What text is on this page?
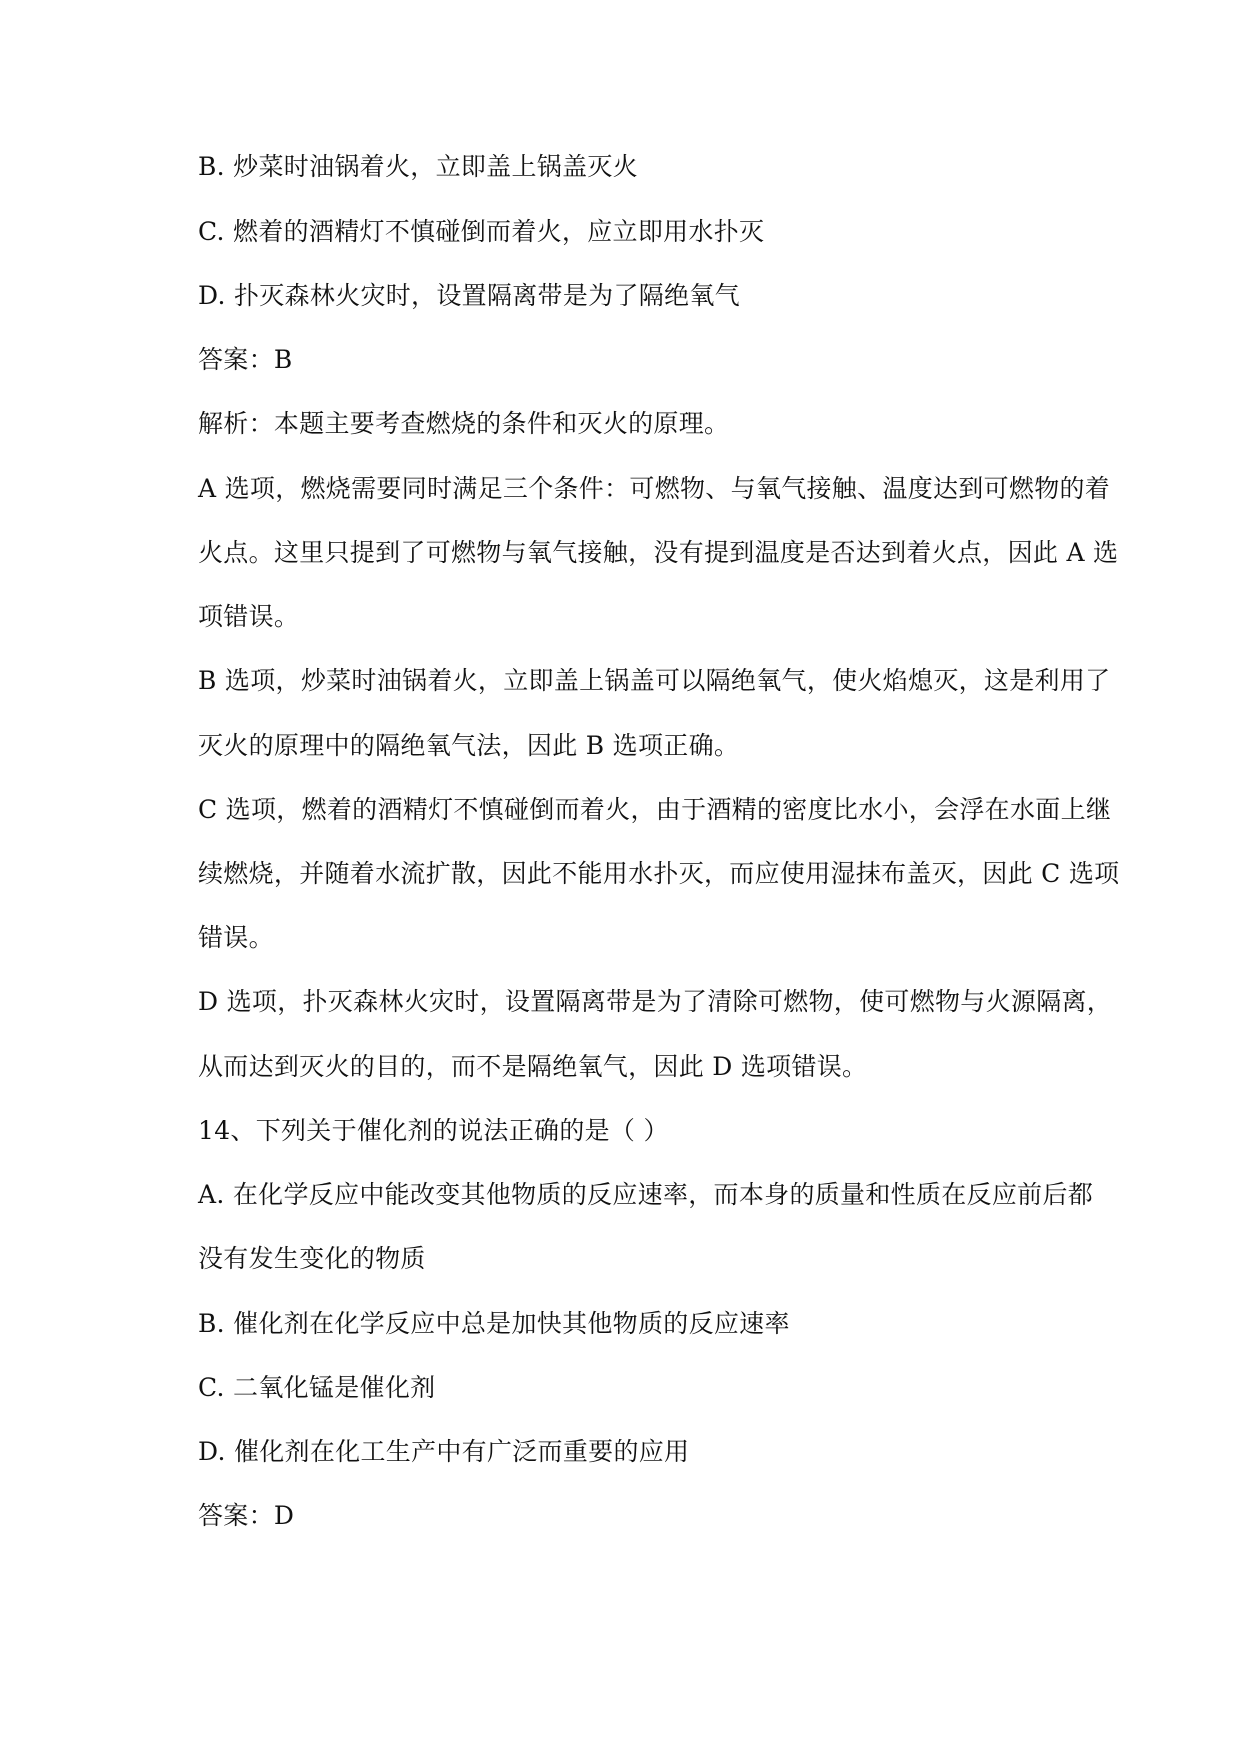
B. 炒菜时油锅着火，立即盖上锅盖灭火
C. 燃着的酒精灯不慎碰倒而着火，应立即用水扑灭
D. 扑灭森林火灾时，设置隔离带是为了隔绝氧气
答案：B
解析：本题主要考查燃烧的条件和灭火的原理。
A 选项，燃烧需要同时满足三个条件：可燃物、与氧气接触、温度达到可燃物的着
火点。这里只提到了可燃物与氧气接触，没有提到温度是否达到着火点，因此 A 选
项错误。
B 选项，炒菜时油锅着火，立即盖上锅盖可以隔绝氧气，使火焰熄灭，这是利用了
灭火的原理中的隔绝氧气法，因此 B 选项正确。
C 选项，燃着的酒精灯不慎碰倒而着火，由于酒精的密度比水小，会浮在水面上继
续燃烧，并随着水流扩散，因此不能用水扑灭，而应使用湿抹布盖灭，因此 C 选项
错误。
D 选项，扑灭森林火灾时，设置隔离带是为了清除可燃物，使可燃物与火源隔离，
从而达到灭火的目的，而不是隔绝氧气，因此 D 选项错误。
14、下列关于催化剂的说法正确的是（ ）
A. 在化学反应中能改变其他物质的反应速率，而本身的质量和性质在反应前后都
没有发生变化的物质
B. 催化剂在化学反应中总是加快其他物质的反应速率
C. 二氧化锰是催化剂
D. 催化剂在化工生产中有广泛而重要的应用
答案：D
